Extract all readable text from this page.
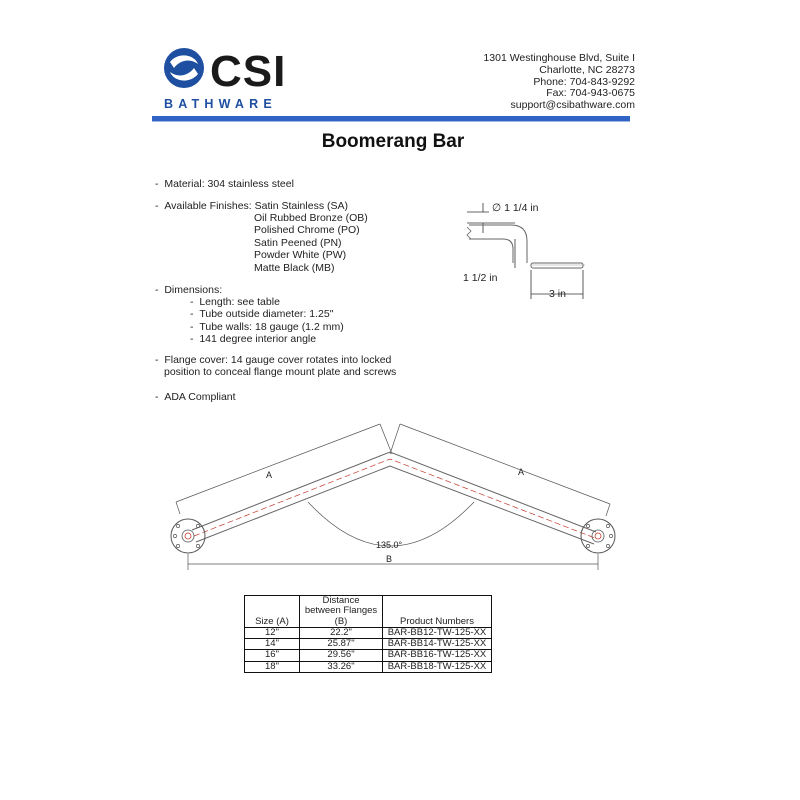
CSI
BATHWARE
1301 Westinghouse Blvd, Suite I
Charlotte, NC 28273
Phone: 704-843-9292
Fax: 704-943-0675
support@csibathware.com
Boomerang Bar
- Material: 304 stainless steel
- Available Finishes: Satin Stainless (SA)
Oil Rubbed Bronze (OB)
Polished Chrome (PO)
Satin Peened (PN)
Powder White (PW)
Matte Black (MB)
- Dimensions:
- Length: see table
- Tube outside diameter: 1.25"
- Tube walls: 18 gauge (1.2 mm)
- 141 degree interior angle
- Flange cover: 14 gauge cover rotates into locked
position to conceal flange mount plate and screws
- ADA Compliant
∅ 1 1/4 in
1 1/2 in
3 in
A	A
135.0°
B
Size (A)	Distance between Flanges (B)	Product Numbers
12"	22.2"	BAR-BB12-TW-125-XX
14"	25.87"	BAR-BB14-TW-125-XX
16"	29.56"	BAR-BB16-TW-125-XX
18"	33.26"	BAR-BB18-TW-125-XX
